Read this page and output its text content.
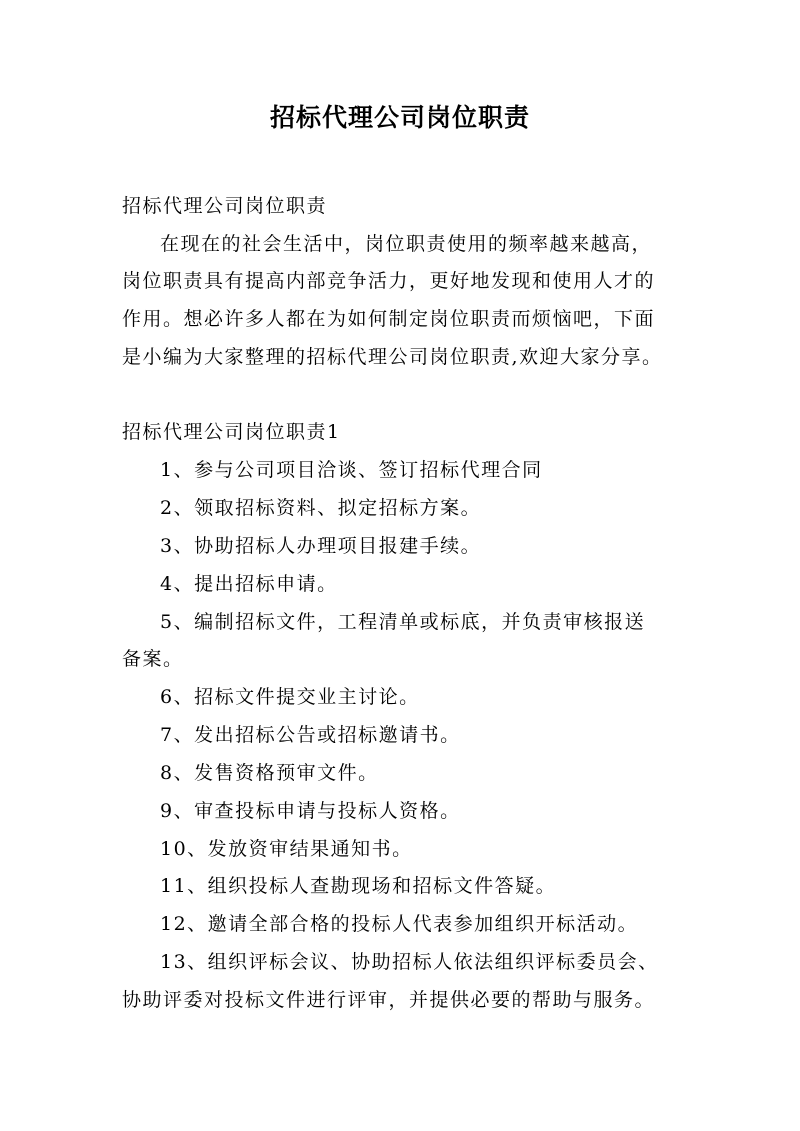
招标代理公司岗位职责
招标代理公司岗位职责
在现在的社会生活中，岗位职责使用的频率越来越高，
岗位职责具有提高内部竞争活力，更好地发现和使用人才的
作用。想必许多人都在为如何制定岗位职责而烦恼吧，下面
是小编为大家整理的招标代理公司岗位职责,欢迎大家分享。
招标代理公司岗位职责1
1、参与公司项目洽谈、签订招标代理合同
2、领取招标资料、拟定招标方案。
3、协助招标人办理项目报建手续。
4、提出招标申请。
5、编制招标文件，工程清单或标底，并负责审核报送
备案。
6、招标文件提交业主讨论。
7、发出招标公告或招标邀请书。
8、发售资格预审文件。
9、审查投标申请与投标人资格。
10、发放资审结果通知书。
11、组织投标人查勘现场和招标文件答疑。
12、邀请全部合格的投标人代表参加组织开标活动。
13、组织评标会议、协助招标人依法组织评标委员会、
协助评委对投标文件进行评审，并提供必要的帮助与服务。
